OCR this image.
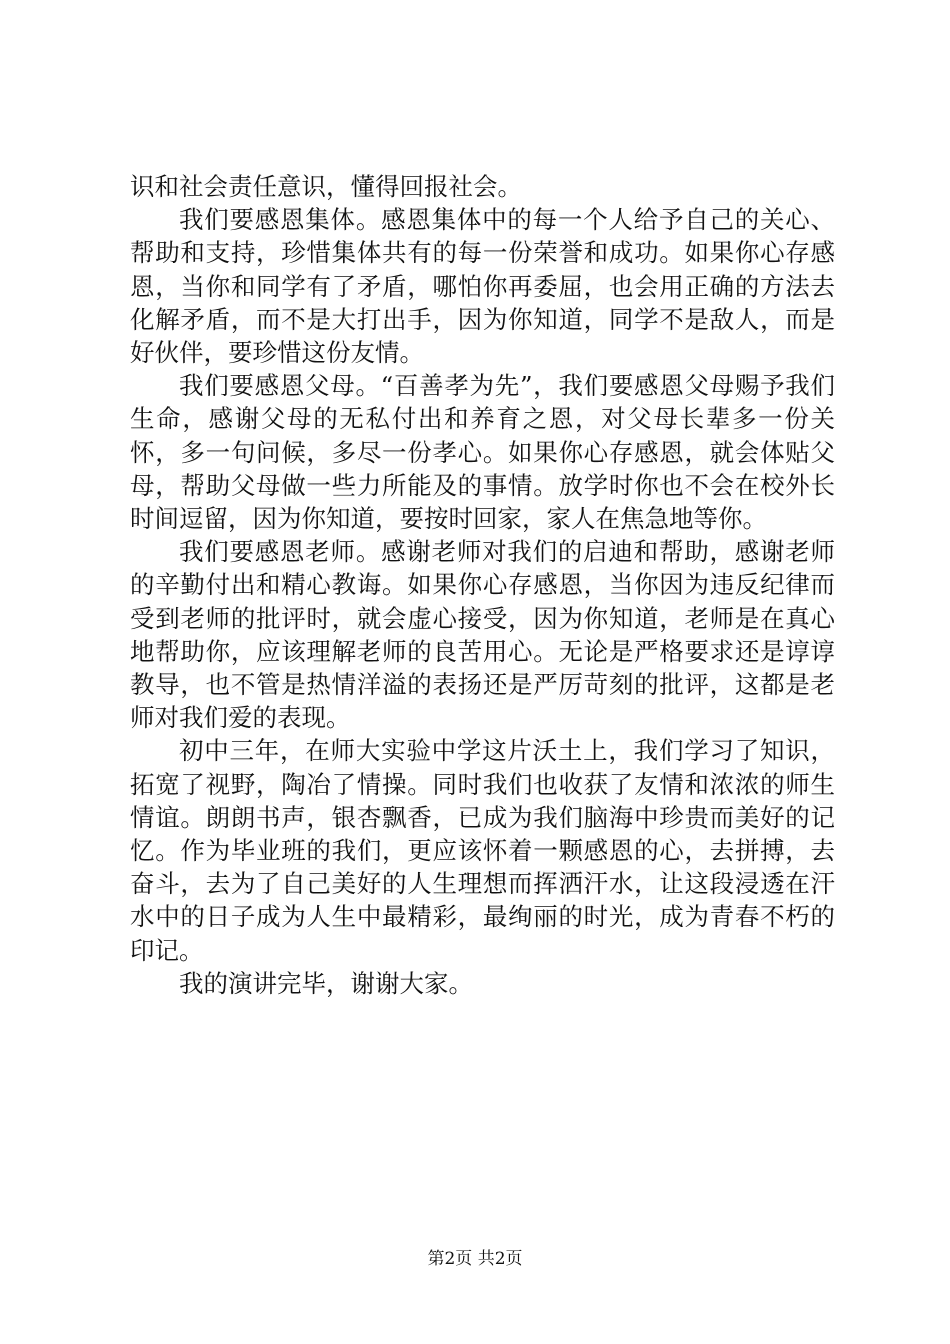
识和社会责任意识，懂得回报社会。

我们要感恩集体。感恩集体中的每一个人给予自己的关心、帮助和支持，珍惜集体共有的每一份荣誉和成功。如果你心存感恩，当你和同学有了矛盾，哪怕你再委屈，也会用正确的方法去化解矛盾，而不是大打出手，因为你知道，同学不是敌人，而是好伙伴，要珍惜这份友情。

我们要感恩父母。“百善孝为先”，我们要感恩父母赐予我们生命，感谢父母的无私付出和养育之恩，对父母长辈多一份关怀，多一句问候，多尽一份孝心。如果你心存感恩，就会体贴父母，帮助父母做一些力所能及的事情。放学时你也不会在校外长时间逗留，因为你知道，要按时回家，家人在焦急地等你。

我们要感恩老师。感谢老师对我们的启迪和帮助，感谢老师的辛勤付出和精心教诲。如果你心存感恩，当你因为违反纪律而受到老师的批评时，就会虚心接受，因为你知道，老师是在真心地帮助你，应该理解老师的良苦用心。无论是严格要求还是谆谆教导，也不管是热情洋溢的表扬还是严厉苛刻的批评，这都是老师对我们爱的表现。

初中三年，在师大实验中学这片沃土上，我们学习了知识，拓宽了视野，陶冶了情操。同时我们也收获了友情和浓浓的师生情谊。朗朗书声，银杏飘香，已成为我们脑海中珍贵而美好的记忆。作为毕业班的我们，更应该怀着一颗感恩的心，去拼搏，去奋斗，去为了自己美好的人生理想而挥洒汗水，让这段浸透在汗水中的日子成为人生中最精彩，最绚丽的时光，成为青春不朽的印记。

我的演讲完毕，谢谢大家。

第2页 共2页
